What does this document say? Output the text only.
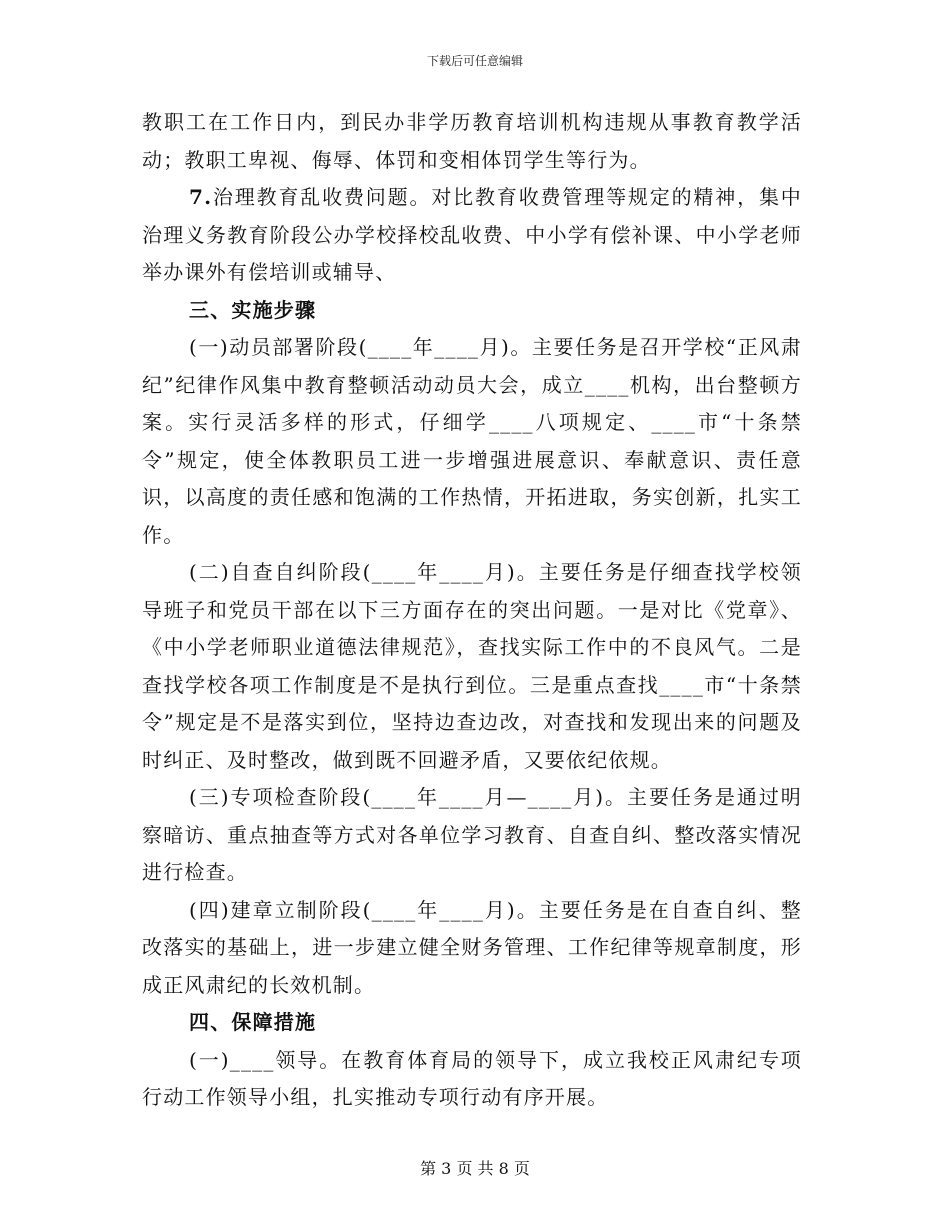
下载后可任意编辑

教职工在工作日内，到民办非学历教育培训机构违规从事教育教学活动；教职工卑视、侮辱、体罚和变相体罚学生等行为。

7.治理教育乱收费问题。对比教育收费管理等规定的精神，集中治理义务教育阶段公办学校择校乱收费、中小学有偿补课、中小学老师举办课外有偿培训或辅导、

三、实施步骤

(一)动员部署阶段(____年____月)。主要任务是召开学校“正风肃纪”纪律作风集中教育整顿活动动员大会，成立____机构，出台整顿方案。实行灵活多样的形式，仔细学____八项规定、____市“十条禁令”规定，使全体教职员工进一步增强进展意识、奉献意识、责任意识，以高度的责任感和饱满的工作热情，开拓进取，务实创新，扎实工作。

(二)自查自纠阶段(____年____月)。主要任务是仔细查找学校领导班子和党员干部在以下三方面存在的突出问题。一是对比《党章》、《中小学老师职业道德法律规范》，查找实际工作中的不良风气。二是查找学校各项工作制度是不是执行到位。三是重点查找____市“十条禁令”规定是不是落实到位，坚持边查边改，对查找和发现出来的问题及时纠正、及时整改，做到既不回避矛盾，又要依纪依规。

(三)专项检查阶段(____年____月—____月)。主要任务是通过明察暗访、重点抽查等方式对各单位学习教育、自查自纠、整改落实情况进行检查。

(四)建章立制阶段(____年____月)。主要任务是在自查自纠、整改落实的基础上，进一步建立健全财务管理、工作纪律等规章制度，形成正风肃纪的长效机制。

四、保障措施

(一)____领导。在教育体育局的领导下，成立我校正风肃纪专项行动工作领导小组，扎实推动专项行动有序开展。

第 3 页 共 8 页
